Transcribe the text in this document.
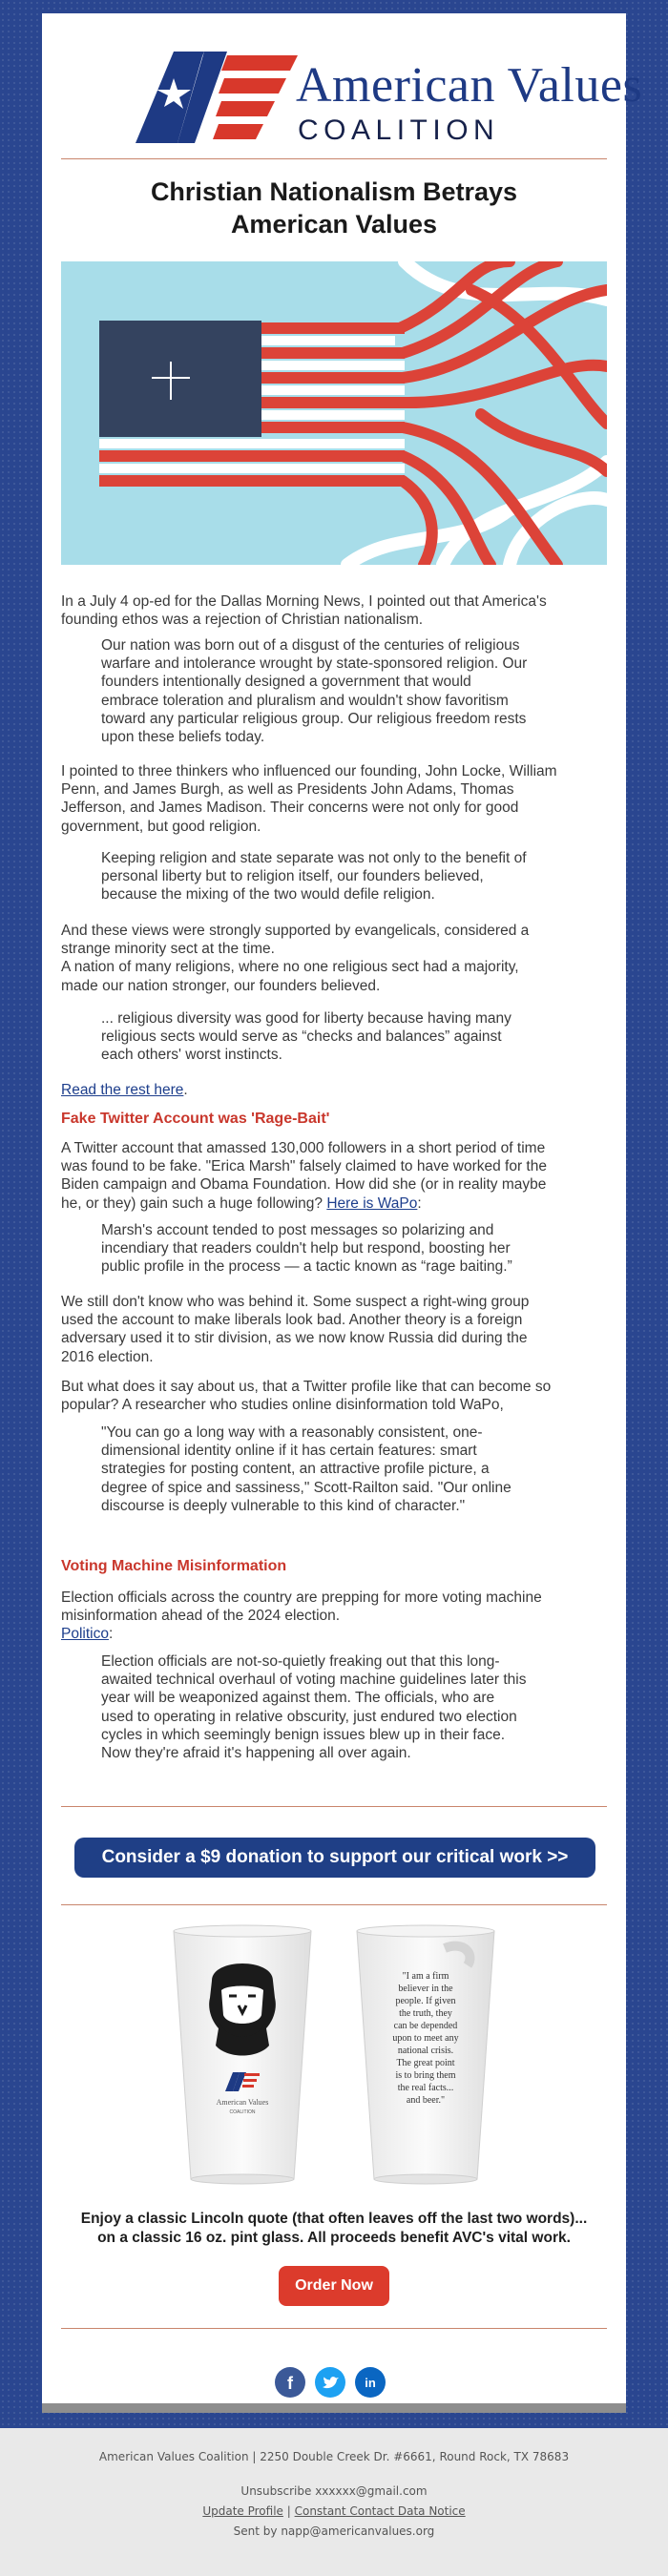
American Values
COALITION
Christian Nationalism Betrays
American Values
In a July 4 op-ed for the Dallas Morning News, I pointed out that America's
founding ethos was a rejection of Christian nationalism.
Our nation was born out of a disgust of the centuries of religious
warfare and intolerance wrought by state-sponsored religion. Our
founders intentionally designed a government that would
embrace toleration and pluralism and wouldn't show favoritism
toward any particular religious group. Our religious freedom rests
upon these beliefs today.
I pointed to three thinkers who influenced our founding, John Locke, William
Penn, and James Burgh, as well as Presidents John Adams, Thomas
Jefferson, and James Madison. Their concerns were not only for good
government, but good religion.
Keeping religion and state separate was not only to the benefit of
personal liberty but to religion itself, our founders believed,
because the mixing of the two would defile religion.
And these views were strongly supported by evangelicals, considered a
strange minority sect at the time.
A nation of many religions, where no one religious sect had a majority,
made our nation stronger, our founders believed.
... religious diversity was good for liberty because having many
religious sects would serve as “checks and balances” against
each others' worst instincts.
Read the rest here.
Fake Twitter Account was 'Rage-Bait'
A Twitter account that amassed 130,000 followers in a short period of time
was found to be fake. "Erica Marsh" falsely claimed to have worked for the
Biden campaign and Obama Foundation. How did she (or in reality maybe
he, or they) gain such a huge following? Here is WaPo:
Marsh's account tended to post messages so polarizing and
incendiary that readers couldn't help but respond, boosting her
public profile in the process — a tactic known as “rage baiting.”
We still don't know who was behind it. Some suspect a right-wing group
used the account to make liberals look bad. Another theory is a foreign
adversary used it to stir division, as we now know Russia did during the
2016 election.
But what does it say about us, that a Twitter profile like that can become so
popular? A researcher who studies online disinformation told WaPo,
"You can go a long way with a reasonably consistent, one-
dimensional identity online if it has certain features: smart
strategies for posting content, an attractive profile picture, a
degree of spice and sassiness," Scott-Railton said. "Our online
discourse is deeply vulnerable to this kind of character."
Voting Machine Misinformation
Election officials across the country are prepping for more voting machine
misinformation ahead of the 2024 election.
Politico:
Election officials are not-so-quietly freaking out that this long-
awaited technical overhaul of voting machine guidelines later this
year will be weaponized against them. The officials, who are
used to operating in relative obscurity, just endured two election
cycles in which seemingly benign issues blew up in their face.
Now they're afraid it's happening all over again.
Consider a $9 donation to support our critical work >>
American Values
COALITION
"I am a firm
believer in the
people. If given
the truth, they
can be depended
upon to meet any
national crisis.
The great point
is to bring them
the real facts...
and beer."
Enjoy a classic Lincoln quote (that often leaves off the last two words)...
on a classic 16 oz. pint glass. All proceeds benefit AVC's vital work.
Order Now
f	in
American Values Coalition | 2250 Double Creek Dr. #6661, Round Rock, TX 78683
Unsubscribe xxxxxx@gmail.com
Update Profile | Constant Contact Data Notice
Sent by napp@americanvalues.org
